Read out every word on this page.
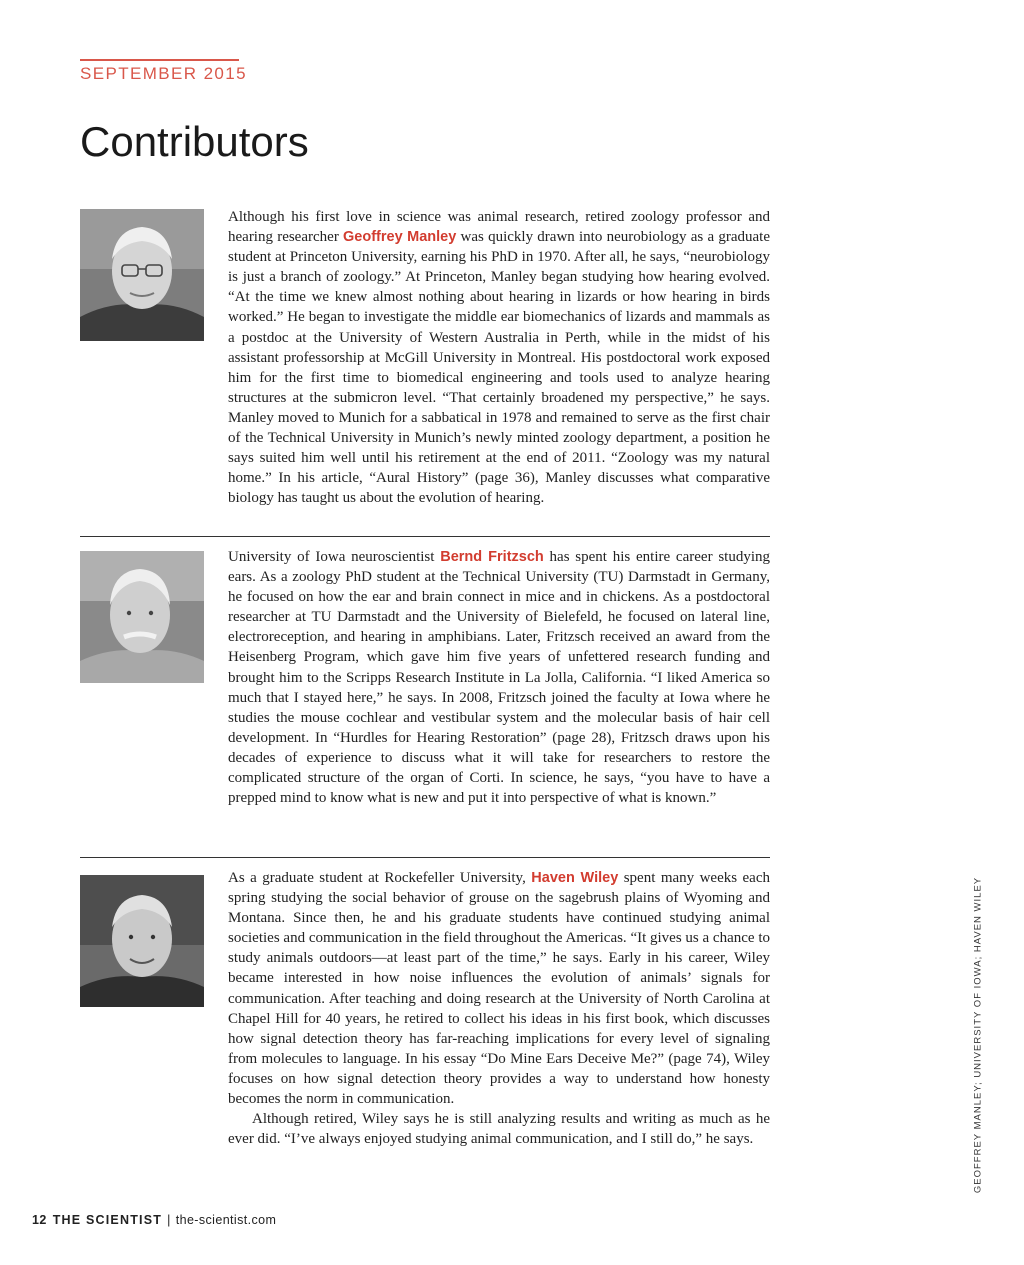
SEPTEMBER 2015
Contributors

Although his first love in science was animal research, retired zoology professor and hearing researcher Geoffrey Manley was quickly drawn into neurobiology as a graduate student at Princeton University, earning his PhD in 1970. After all, he says, “neurobiology is just a branch of zoology.” At Princeton, Manley began studying how hearing evolved. “At the time we knew almost nothing about hearing in lizards or how hearing in birds worked.” He began to investigate the middle ear biomechanics of lizards and mammals as a postdoc at the University of Western Australia in Perth, while in the midst of his assistant professorship at McGill University in Montreal. His postdoctoral work exposed him for the first time to biomedical engineering and tools used to analyze hearing structures at the submicron level. “That certainly broadened my perspective,” he says. Manley moved to Munich for a sabbatical in 1978 and remained to serve as the first chair of the Technical University in Munich’s newly minted zoology department, a position he says suited him well until his retirement at the end of 2011. “Zoology was my natural home.” In his article, “Aural History” (page 36), Manley discusses what comparative biology has taught us about the evolution of hearing.

University of Iowa neuroscientist Bernd Fritzsch has spent his entire career studying ears. As a zoology PhD student at the Technical University (TU) Darmstadt in Germany, he focused on how the ear and brain connect in mice and in chickens. As a postdoctoral researcher at TU Darmstadt and the University of Bielefeld, he focused on lateral line, electroreception, and hearing in amphibians. Later, Fritzsch received an award from the Heisenberg Program, which gave him five years of unfettered research funding and brought him to the Scripps Research Institute in La Jolla, California. “I liked America so much that I stayed here,” he says. In 2008, Fritzsch joined the faculty at Iowa where he studies the mouse cochlear and vestibular system and the molecular basis of hair cell development. In “Hurdles for Hearing Restoration” (page 28), Fritzsch draws upon his decades of experience to discuss what it will take for researchers to restore the complicated structure of the organ of Corti. In science, he says, “you have to have a prepped mind to know what is new and put it into perspective of what is known.”

As a graduate student at Rockefeller University, Haven Wiley spent many weeks each spring studying the social behavior of grouse on the sagebrush plains of Wyoming and Montana. Since then, he and his graduate students have continued studying animal societies and communication in the field throughout the Americas. “It gives us a chance to study animals outdoors—at least part of the time,” he says. Early in his career, Wiley became interested in how noise influences the evolution of animals’ signals for communication. After teaching and doing research at the University of North Carolina at Chapel Hill for 40 years, he retired to collect his ideas in his first book, which discusses how signal detection theory has far-reaching implications for every level of signaling from molecules to language. In his essay “Do Mine Ears Deceive Me?” (page 74), Wiley focuses on how signal detection theory provides a way to understand how honesty becomes the norm in communication.

Although retired, Wiley says he is still analyzing results and writing as much as he ever did. “I’ve always enjoyed studying animal communication, and I still do,” he says.	GEOFFREY MANLEY; UNIVERSITY OF IOWA; HAVEN WILEY
12 THE SCIENTIST | the-scientist.com
